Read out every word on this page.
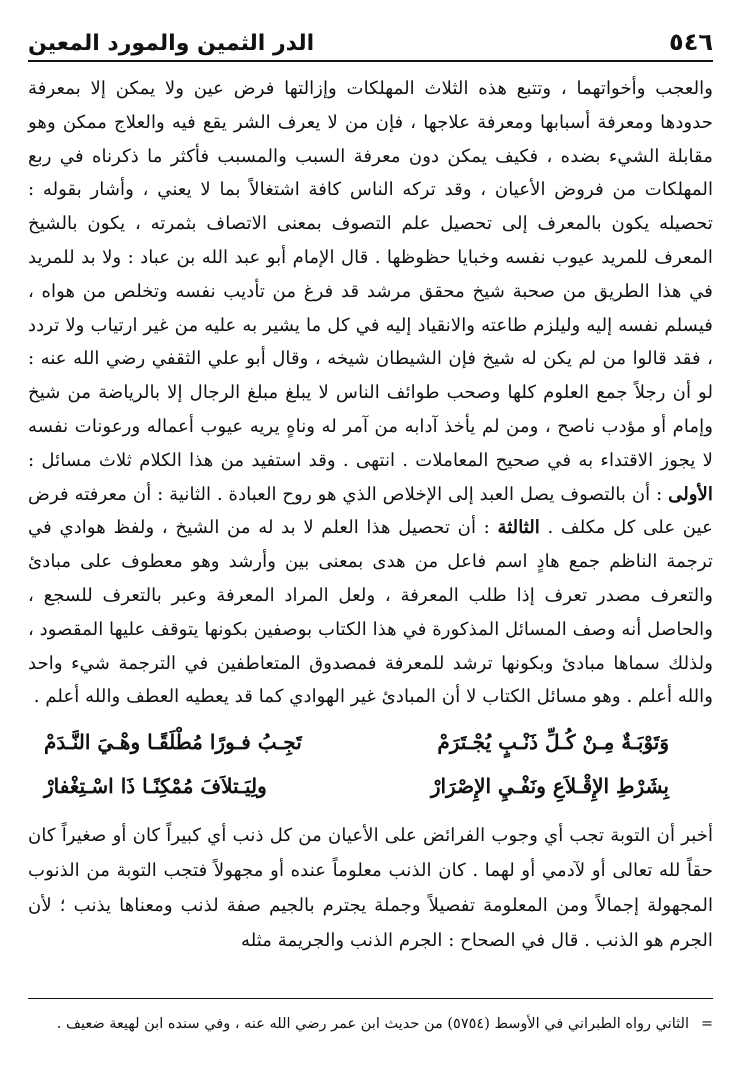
٥٤٦
الدر الثمين والمورد المعين

والعجب وأخواتهما ، وتتبع هذه الثلاث المهلكات وإزالتها فرض عين ولا يمكن إلا بمعرفة حدودها ومعرفة أسبابها ومعرفة علاجها ، فإن من لا يعرف الشر يقع فيه والعلاج ممكن وهو مقابلة الشيء بضده ، فكيف يمكن دون معرفة السبب والمسبب فأكثر ما ذكرناه في ربع المهلكات من فروض الأعيان ، وقد تركه الناس كافة اشتغالاً بما لا يعني ، وأشار بقوله : تحصيله يكون بالمعرف إلى تحصيل علم التصوف بمعنى الاتصاف بثمرته ، يكون بالشيخ المعرف للمريد عيوب نفسه وخبايا حظوظها . قال الإمام أبو عبد الله بن عباد : ولا بد للمريد في هذا الطريق من صحبة شيخ محقق مرشد قد فرغ من تأديب نفسه وتخلص من هواه ، فيسلم نفسه إليه وليلزم طاعته والانقياد إليه في كل ما يشير به عليه من غير ارتياب ولا تردد ، فقد قالوا من لم يكن له شيخ فإن الشيطان شيخه ، وقال أبو علي الثقفي رضي الله عنه : لو أن رجلاً جمع العلوم كلها وصحب طوائف الناس لا يبلغ مبلغ الرجال إلا بالرياضة من شيخ وإمام أو مؤدب ناصح ، ومن لم يأخذ آدابه من آمر له وناهٍ يريه عيوب أعماله ورعونات نفسه لا يجوز الاقتداء به في صحيح المعاملات . انتهى . وقد استفيد من هذا الكلام ثلاث مسائل : الأولى : أن بالتصوف يصل العبد إلى الإخلاص الذي هو روح العبادة . الثانية : أن معرفته فرض عين على كل مكلف . الثالثة : أن تحصيل هذا العلم لا بد له من الشيخ ، ولفظ هوادي في ترجمة الناظم جمع هادٍ اسم فاعل من هدى بمعنى بين وأرشد وهو معطوف على مبادئ والتعرف مصدر تعرف إذا طلب المعرفة ، ولعل المراد المعرفة وعبر بالتعرف للسجع ، والحاصل أنه وصف المسائل المذكورة في هذا الكتاب بوصفين بكونها يتوقف عليها المقصود ، ولذلك سماها مبادئ وبكونها ترشد للمعرفة فمصدوق المتعاطفين في الترجمة شيء واحد والله أعلم . وهو مسائل الكتاب لا أن المبادئ غير الهوادي كما قد يعطيه العطف والله أعلم .

وَتَوْبَـةٌ مِـنْ كُـلِّ ذَنْـبٍ يُجْـتَرَمْ
تَجِـبُ فـورًا مُطْلَقًـا وهْـيَ النَّـدَمْ
بِشَرْطِ الإِقْـلاَعِ ونَفْـيِ الإِصْرَارْ
ولِيَـتلاَفَ مُمْكِنًـا ذَا اسْـتِغْفارْ

أخبر أن التوبة تجب أي وجوب الفرائض على الأعيان من كل ذنب أي كبيراً كان أو صغيراً كان حقاً لله تعالى أو لآدمي أو لهما . كان الذنب معلوماً عنده أو مجهولاً فتجب التوبة من الذنوب المجهولة إجمالاً ومن المعلومة تفصيلاً وجملة يجترم بالجيم صفة لذنب ومعناها يذنب ؛ لأن الجرم هو الذنب . قال في الصحاح : الجرم الذنب والجريمة مثله

=
الثاني رواه الطبراني في الأوسط (٥٧٥٤) من حديث ابن عمر رضي الله عنه ، وفي سنده ابن لهيعة ضعيف .
